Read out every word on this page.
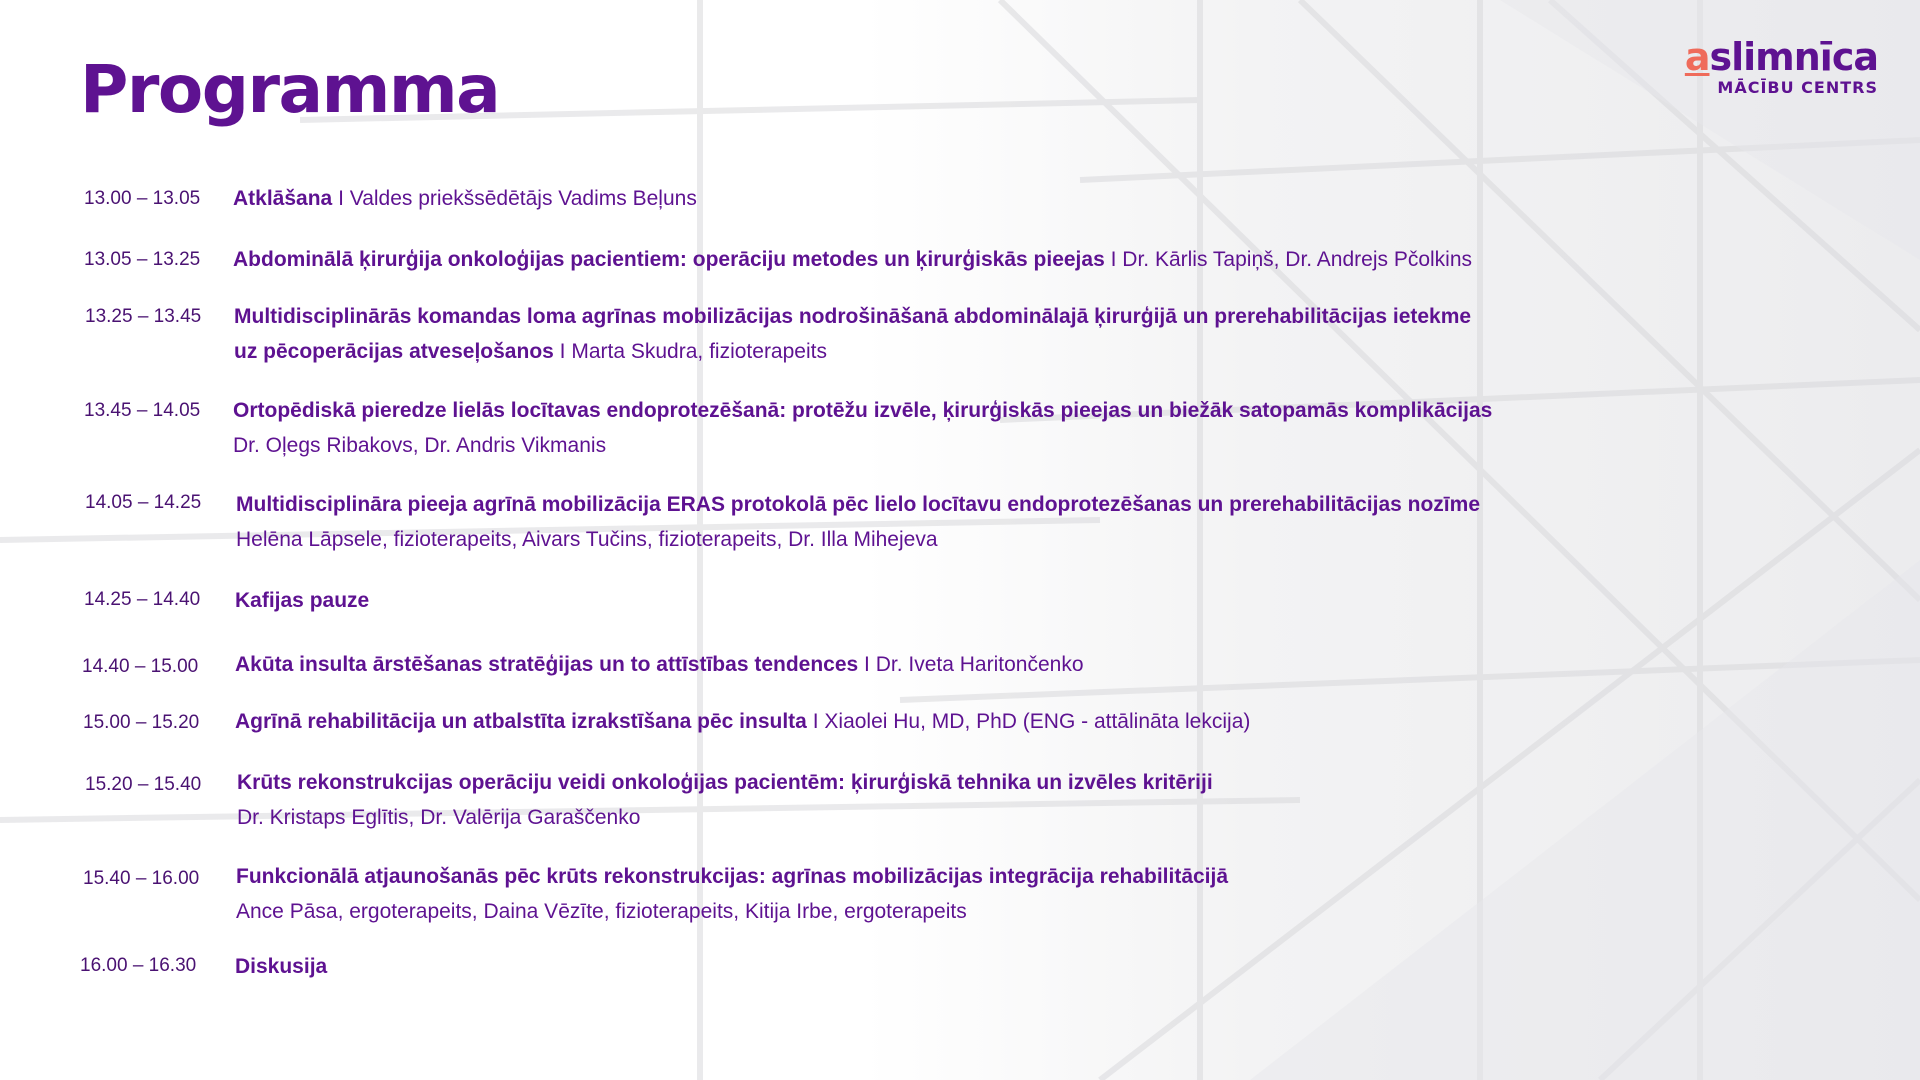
Programma	aslimnīca
MĀCĪBU CENTRS
13.00 – 13.05	Atklāšana I Valdes priekšsēdētājs Vadims Beļuns
13.05 – 13.25	Abdominālā ķirurģija onkoloģijas pacientiem: operāciju metodes un ķirurģiskās pieejas I Dr. Kārlis Tapiņš, Dr. Andrejs Pčolkins
13.25 – 13.45	Multidisciplinārās komandas loma agrīnas mobilizācijas nodrošināšanā abdominālajā ķirurģijā un prerehabilitācijas ietekme
uz pēcoperācijas atveseļošanos I Marta Skudra, fizioterapeits
13.45 – 14.05	Ortopēdiskā pieredze lielās locītavas endoprotezēšanā: protēžu izvēle, ķirurģiskās pieejas un biežāk satopamās komplikācijas
Dr. Oļegs Ribakovs, Dr. Andris Vikmanis
14.05 – 14.25	Multidisciplināra pieeja agrīnā mobilizācija ERAS protokolā pēc lielo locītavu endoprotezēšanas un prerehabilitācijas nozīme
Helēna Lāpsele, fizioterapeits, Aivars Tučins, fizioterapeits, Dr. Illa Mihejeva
14.25 – 14.40	Kafijas pauze
14.40 – 15.00	Akūta insulta ārstēšanas stratēģijas un to attīstības tendences I Dr. Iveta Haritončenko
15.00 – 15.20	Agrīnā rehabilitācija un atbalstīta izrakstīšana pēc insulta I Xiaolei Hu, MD, PhD (ENG - attālināta lekcija)
15.20 – 15.40	Krūts rekonstrukcijas operāciju veidi onkoloģijas pacientēm: ķirurģiskā tehnika un izvēles kritēriji
Dr. Kristaps Eglītis, Dr. Valērija Garaščenko
15.40 – 16.00	Funkcionālā atjaunošanās pēc krūts rekonstrukcijas: agrīnas mobilizācijas integrācija rehabilitācijā
Ance Pāsa, ergoterapeits, Daina Vēzīte, fizioterapeits, Kitija Irbe, ergoterapeits
16.00 – 16.30	Diskusija
